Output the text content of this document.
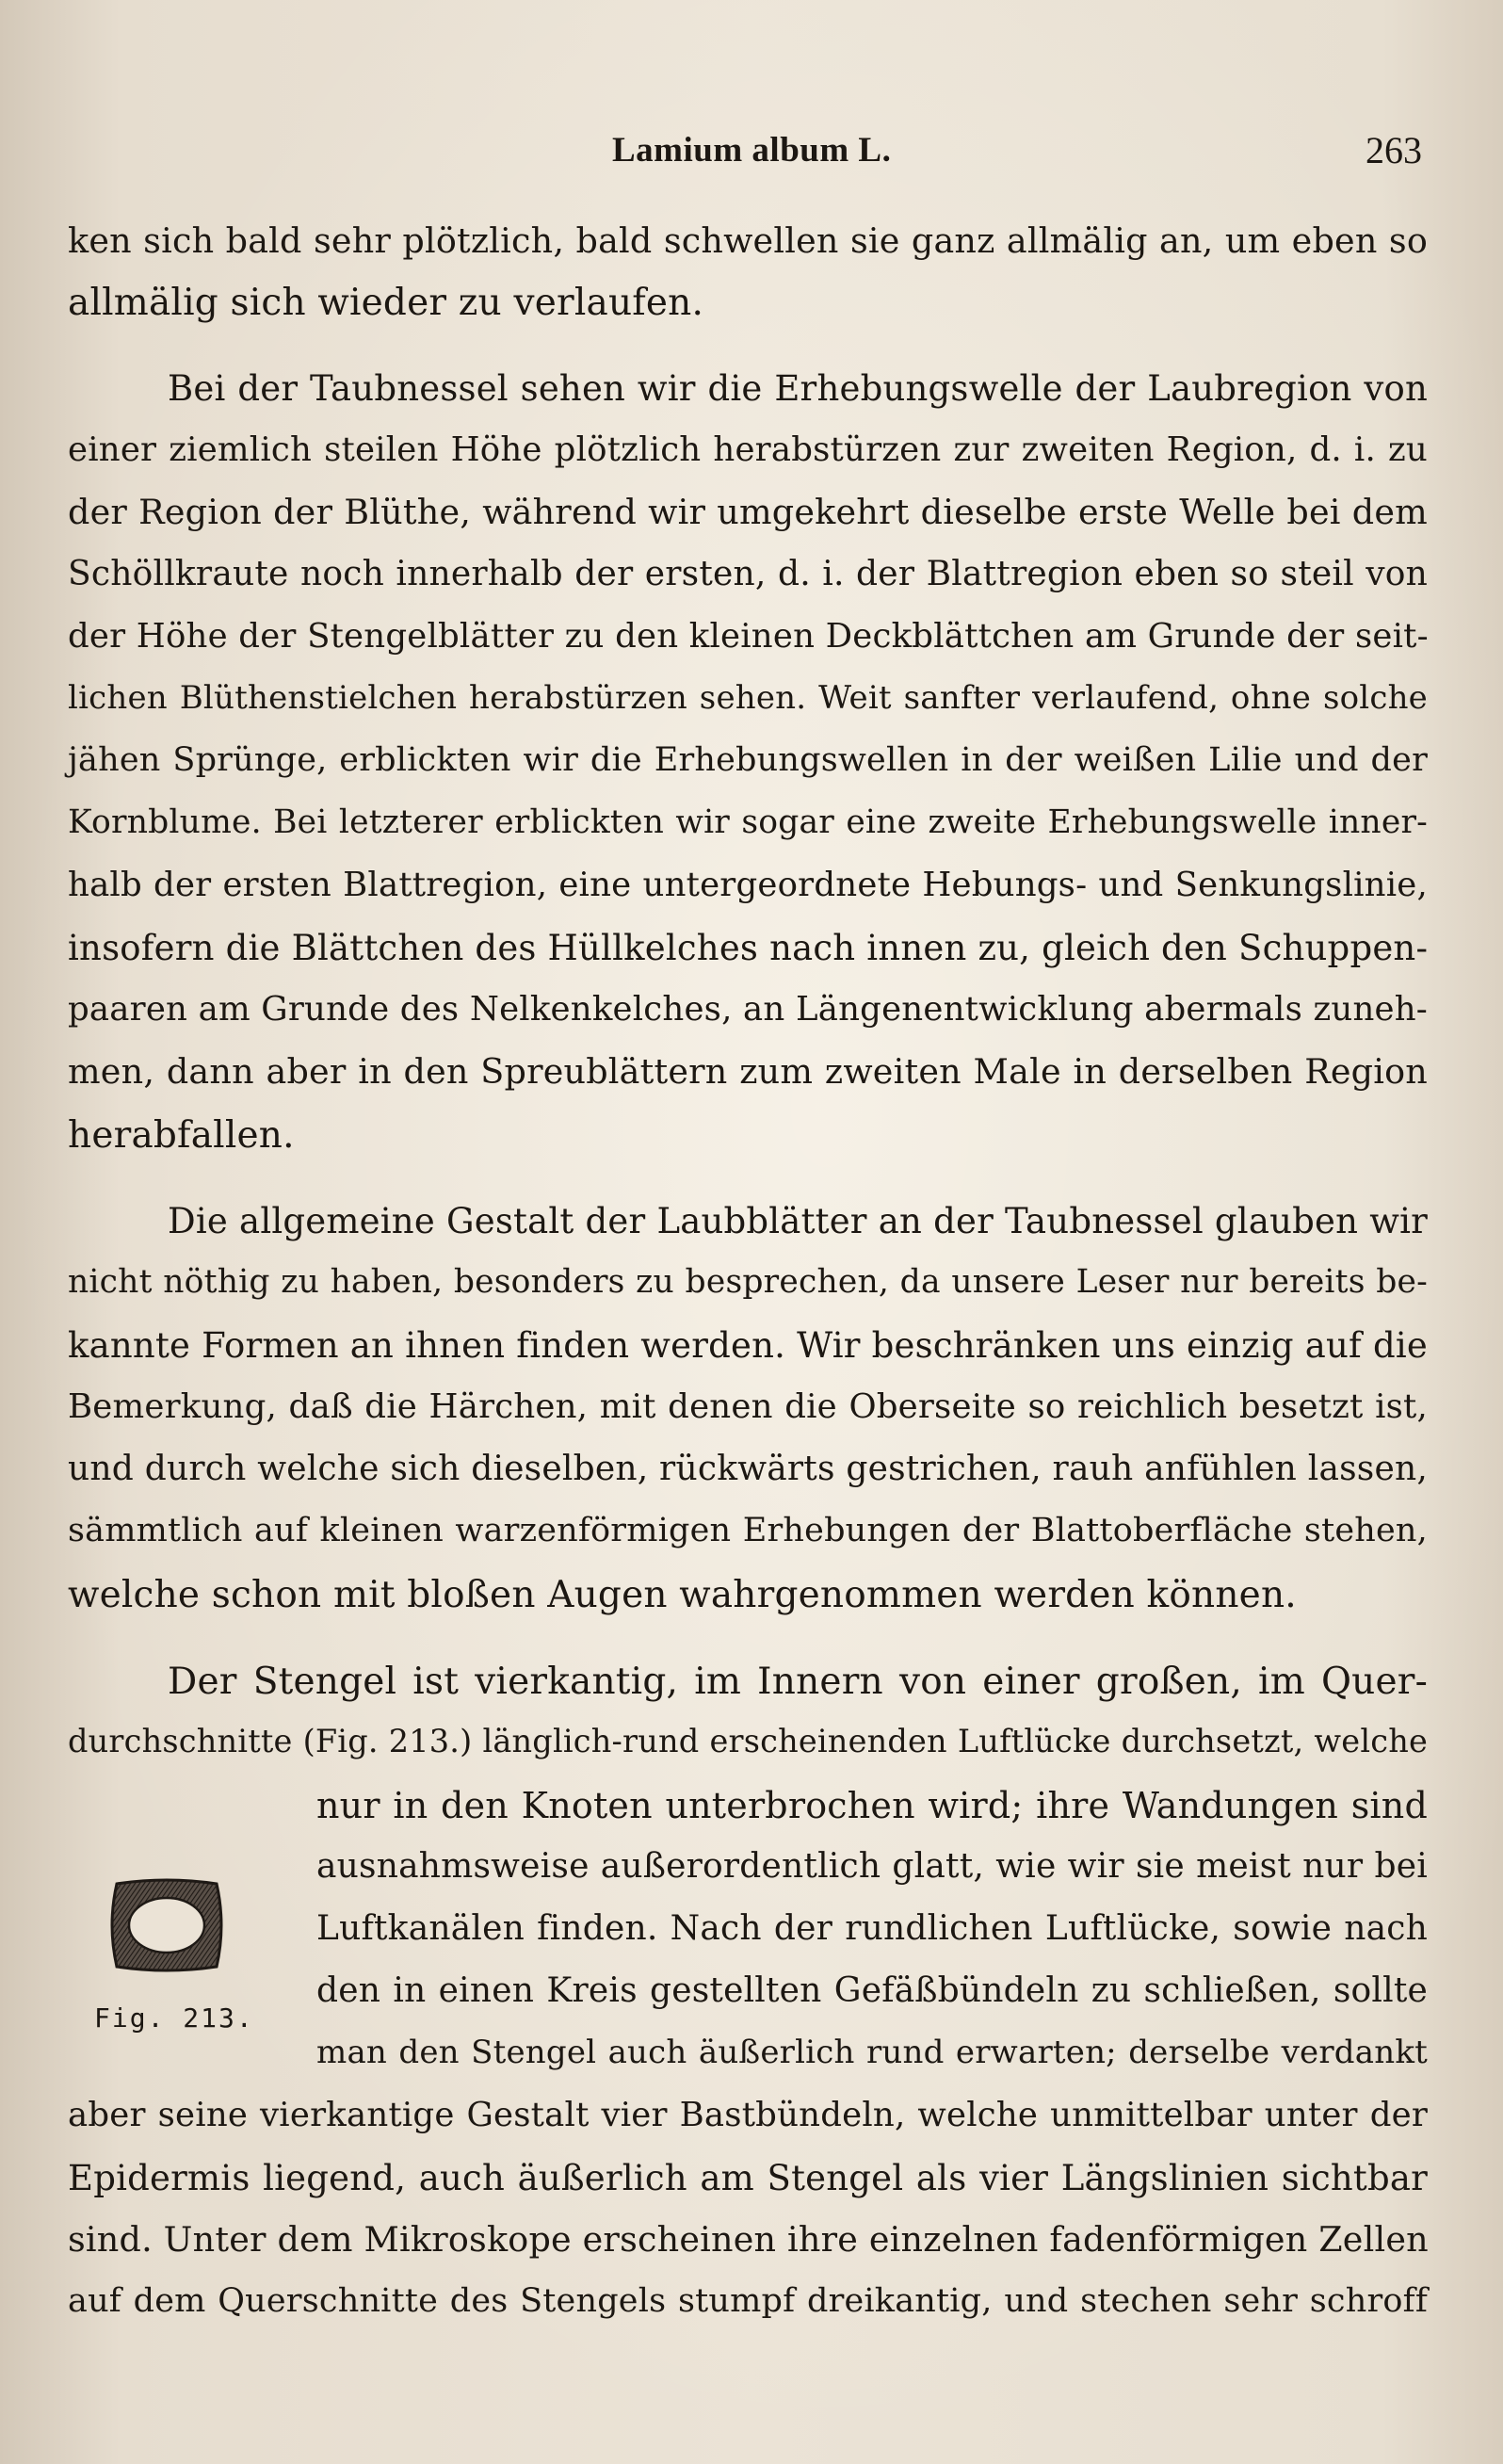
Lamium album L.	263
ken sich bald sehr plötzlich, bald schwellen sie ganz allmälig an, um eben so
allmälig sich wieder zu verlaufen.
Bei der Taubnessel sehen wir die Erhebungswelle der Laubregion von
einer ziemlich steilen Höhe plötzlich herabstürzen zur zweiten Region, d. i. zu
der Region der Blüthe, während wir umgekehrt dieselbe erste Welle bei dem
Schöllkraute noch innerhalb der ersten, d. i. der Blattregion eben so steil von
der Höhe der Stengelblätter zu den kleinen Deckblättchen am Grunde der seit-
lichen Blüthenstielchen herabstürzen sehen. Weit sanfter verlaufend, ohne solche
jähen Sprünge, erblickten wir die Erhebungswellen in der weißen Lilie und der
Kornblume. Bei letzterer erblickten wir sogar eine zweite Erhebungswelle inner-
halb der ersten Blattregion, eine untergeordnete Hebungs- und Senkungslinie,
insofern die Blättchen des Hüllkelches nach innen zu, gleich den Schuppen-
paaren am Grunde des Nelkenkelches, an Längenentwicklung abermals zuneh-
men, dann aber in den Spreublättern zum zweiten Male in derselben Region
herabfallen.
Die allgemeine Gestalt der Laubblätter an der Taubnessel glauben wir
nicht nöthig zu haben, besonders zu besprechen, da unsere Leser nur bereits be-
kannte Formen an ihnen finden werden. Wir beschränken uns einzig auf die
Bemerkung, daß die Härchen, mit denen die Oberseite so reichlich besetzt ist,
und durch welche sich dieselben, rückwärts gestrichen, rauh anfühlen lassen,
sämmtlich auf kleinen warzenförmigen Erhebungen der Blattoberfläche stehen,
welche schon mit bloßen Augen wahrgenommen werden können.
Der Stengel ist vierkantig, im Innern von einer großen, im Quer-
durchschnitte (Fig. 213.) länglich-rund erscheinenden Luftlücke durchsetzt, welche
nur in den Knoten unterbrochen wird; ihre Wandungen sind
ausnahmsweise außerordentlich glatt, wie wir sie meist nur bei
Luftkanälen finden. Nach der rundlichen Luftlücke, sowie nach
den in einen Kreis gestellten Gefäßbündeln zu schließen, sollte
man den Stengel auch äußerlich rund erwarten; derselbe verdankt
aber seine vierkantige Gestalt vier Bastbündeln, welche unmittelbar unter der
Epidermis liegend, auch äußerlich am Stengel als vier Längslinien sichtbar
sind. Unter dem Mikroskope erscheinen ihre einzelnen fadenförmigen Zellen
auf dem Querschnitte des Stengels stumpf dreikantig, und stechen sehr schroff
Fig. 213.
